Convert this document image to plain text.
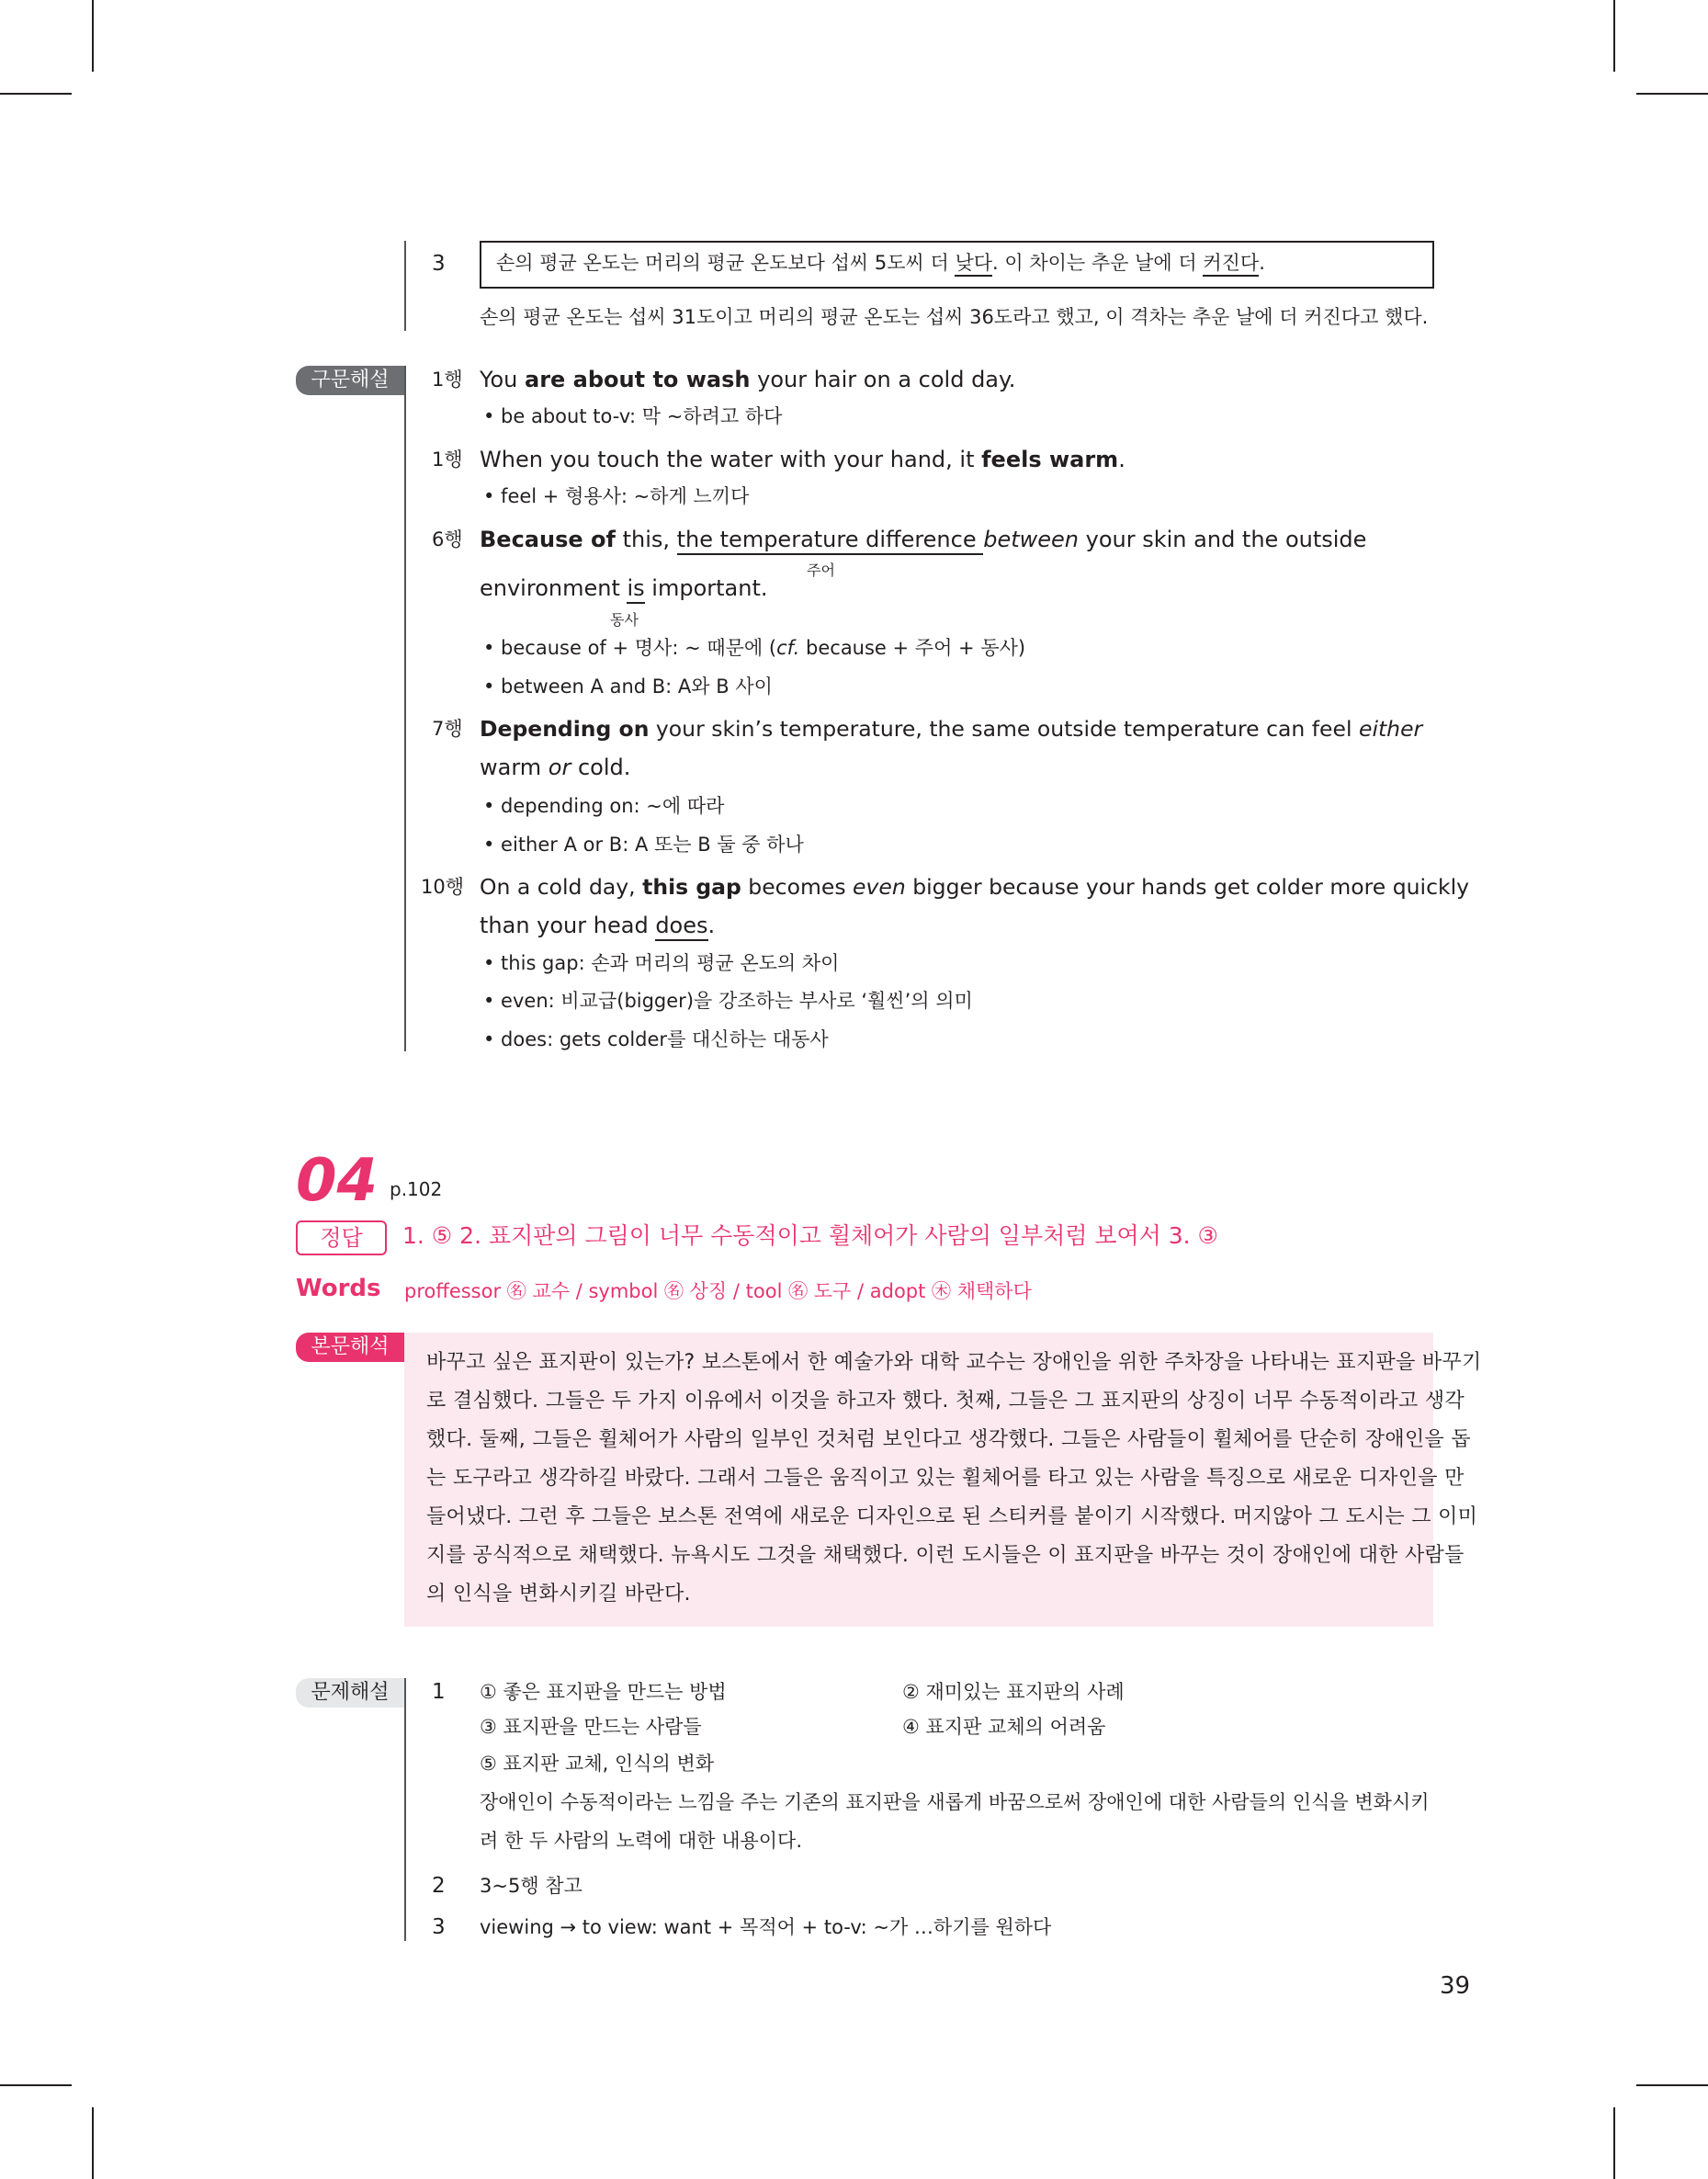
3	손의 평균 온도는 머리의 평균 온도보다 섭씨 5도씨 더 낮다. 이 차이는 추운 날에 더 커진다.
손의 평균 온도는 섭씨 31도이고 머리의 평균 온도는 섭씨 36도라고 했고, 이 격차는 추운 날에 더 커진다고 했다.
구문해설	1행 You are about to wash your hair on a cold day.
• be about to-v: 막 ~하려고 하다
1행 When you touch the water with your hand, it feels warm.
• feel + 형용사: ~하게 느끼다
6행 Because of this, the temperature difference between your skin and the outside
주어
environment is important.
동사
• because of + 명사: ~ 때문에 (cf. because + 주어 + 동사)
• between A and B: A와 B 사이
7행 Depending on your skin’s temperature, the same outside temperature can feel either
warm or cold.
• depending on: ~에 따라
• either A or B: A 또는 B 둘 중 하나
10행 On a cold day, this gap becomes even bigger because your hands get colder more quickly
than your head does.
• this gap: 손과 머리의 평균 온도의 차이
• even: 비교급(bigger)을 강조하는 부사로 ‘훨씬’의 의미
• does: gets colder를 대신하는 대동사
04 p.102
정답	1. ⑤ 2. 표지판의 그림이 너무 수동적이고 휠체어가 사람의 일부처럼 보여서 3. ③
Words proffessor ㊔ 교수 / symbol ㊔ 상징 / tool ㊔ 도구 / adopt ㊍ 채택하다
본문해석
바꾸고 싶은 표지판이 있는가? 보스톤에서 한 예술가와 대학 교수는 장애인을 위한 주차장을 나타내는 표지판을 바꾸기
로 결심했다. 그들은 두 가지 이유에서 이것을 하고자 했다. 첫째, 그들은 그 표지판의 상징이 너무 수동적이라고 생각
했다. 둘째, 그들은 휠체어가 사람의 일부인 것처럼 보인다고 생각했다. 그들은 사람들이 휠체어를 단순히 장애인을 돕
는 도구라고 생각하길 바랐다. 그래서 그들은 움직이고 있는 휠체어를 타고 있는 사람을 특징으로 새로운 디자인을 만
들어냈다. 그런 후 그들은 보스톤 전역에 새로운 디자인으로 된 스티커를 붙이기 시작했다. 머지않아 그 도시는 그 이미
지를 공식적으로 채택했다. 뉴욕시도 그것을 채택했다. 이런 도시들은 이 표지판을 바꾸는 것이 장애인에 대한 사람들
의 인식을 변화시키길 바란다.
문제해설	1 ① 좋은 표지판을 만드는 방법	② 재미있는 표지판의 사례
③ 표지판을 만드는 사람들	④ 표지판 교체의 어려움
⑤ 표지판 교체, 인식의 변화
장애인이 수동적이라는 느낌을 주는 기존의 표지판을 새롭게 바꿈으로써 장애인에 대한 사람들의 인식을 변화시키
려 한 두 사람의 노력에 대한 내용이다.
2 3~5행 참고
3 viewing → to view: want + 목적어 + to-v: ~가 …하기를 원하다
39
